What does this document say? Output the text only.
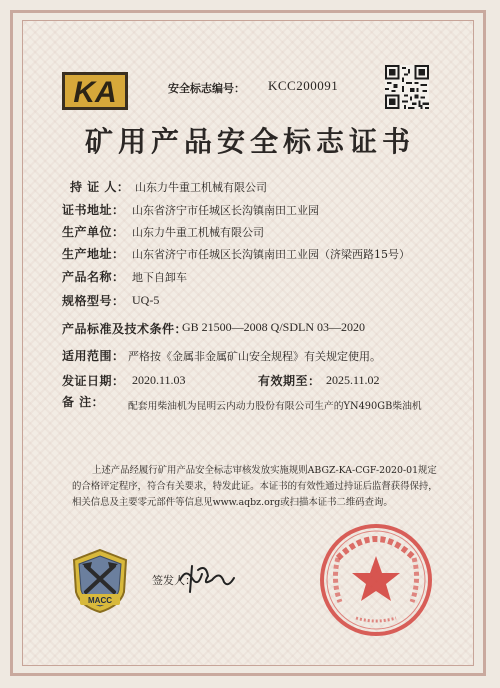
KA	安全标志编号： KCC200091
矿用产品安全标志证书
持 证 人： 山东力牛重工机械有限公司
证书地址： 山东省济宁市任城区长沟镇南田工业园
生产单位： 山东力牛重工机械有限公司
生产地址： 山东省济宁市任城区长沟镇南田工业园（济梁西路15号）
产品名称： 地下自卸车
规格型号： UQ-5
产品标准及技术条件：
GB 21500—2008 Q/SDLN 03—2020
适用范围： 严格按《金属非金属矿山安全规程》有关规定使用。
发证日期： 2020.11.03	有效期至： 2025.11.02
备 注： 配套用柴油机为昆明云内动力股份有限公司生产的YN490GB柴油机
上述产品经履行矿用产品安全标志审核发放实施规则ABGZ-KA-CGF-2020-01规定的合格评定程序，符合有关要求，特发此证。本证书的有效性通过持证后监督获得保持，相关信息及主要零元部件等信息见www.aqbz.org或扫描本证书二维码查询。
MACC
签发人：
